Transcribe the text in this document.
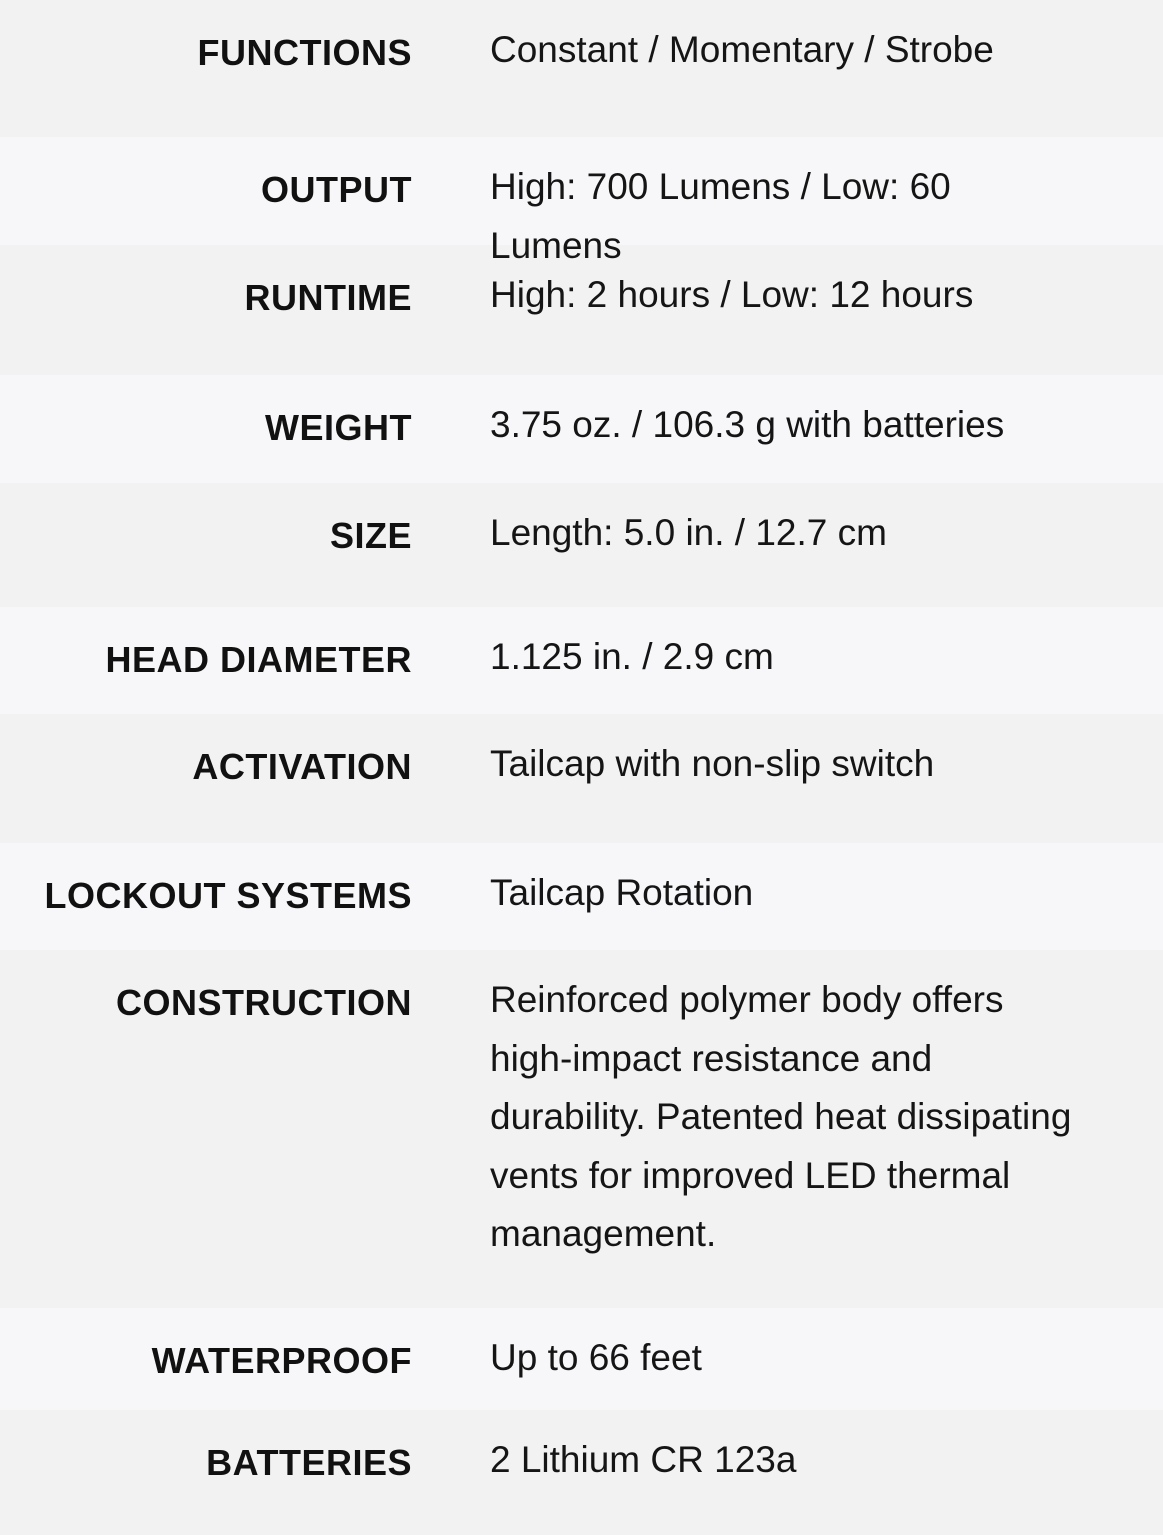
FUNCTIONS Constant / Momentary / Strobe
OUTPUT High: 700 Lumens / Low: 60 Lumens
RUNTIME High: 2 hours / Low: 12 hours
WEIGHT 3.75 oz. / 106.3 g with batteries
SIZE Length: 5.0 in. / 12.7 cm
HEAD DIAMETER 1.125 in. / 2.9 cm
ACTIVATION Tailcap with non-slip switch
LOCKOUT SYSTEMS Tailcap Rotation
CONSTRUCTION Reinforced polymer body offers high-impact resistance and durability. Patented heat dissipating vents for improved LED thermal management.
WATERPROOF Up to 66 feet
BATTERIES 2 Lithium CR 123a
